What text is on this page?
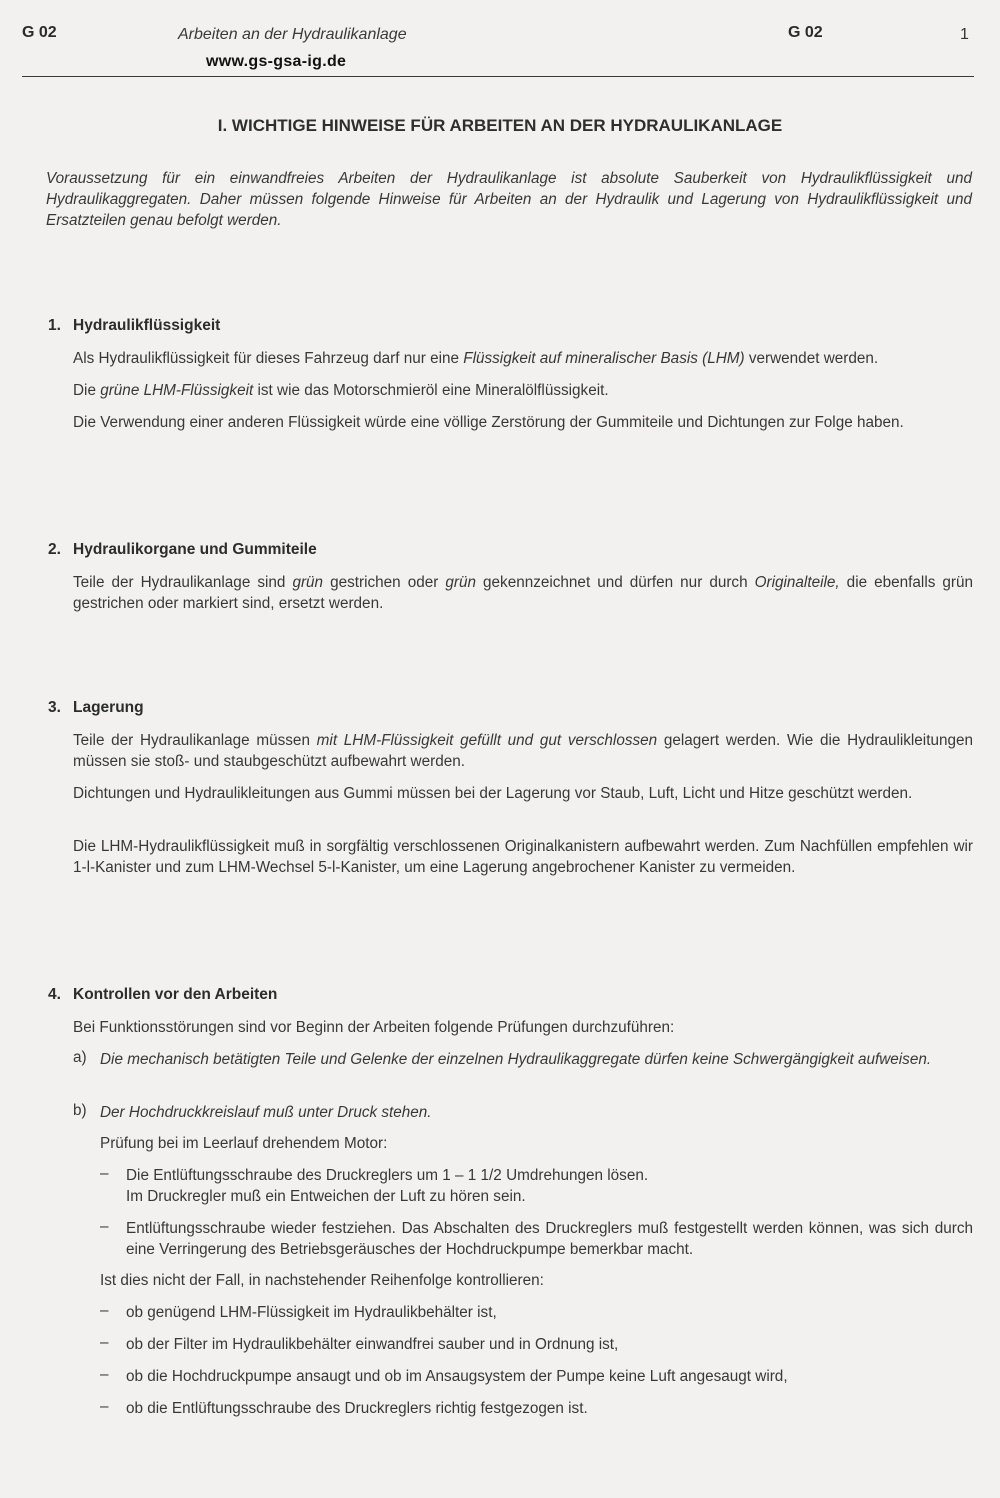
G 02	Arbeiten an der Hydraulikanlage	G 02	1
www.gs-gsa-ig.de
I. WICHTIGE HINWEISE FÜR ARBEITEN AN DER HYDRAULIKANLAGE
Voraussetzung für ein einwandfreies Arbeiten der Hydraulikanlage ist absolute Sauberkeit von Hydraulikflüssigkeit und Hydraulikaggregaten. Daher müssen folgende Hinweise für Arbeiten an der Hydraulik und Lagerung von Hydraulikflüssigkeit und Ersatzteilen genau befolgt werden.
1. Hydraulikflüssigkeit
Als Hydraulikflüssigkeit für dieses Fahrzeug darf nur eine Flüssigkeit auf mineralischer Basis (LHM) verwendet werden.
Die grüne LHM-Flüssigkeit ist wie das Motorschmieröl eine Mineralölflüssigkeit.
Die Verwendung einer anderen Flüssigkeit würde eine völlige Zerstörung der Gummiteile und Dichtungen zur Folge haben.
2. Hydraulikorgane und Gummiteile
Teile der Hydraulikanlage sind grün gestrichen oder grün gekennzeichnet und dürfen nur durch Originalteile, die ebenfalls grün gestrichen oder markiert sind, ersetzt werden.
3. Lagerung
Teile der Hydraulikanlage müssen mit LHM-Flüssigkeit gefüllt und gut verschlossen gelagert werden. Wie die Hydraulikleitungen müssen sie stoß- und staubgeschützt aufbewahrt werden.
Dichtungen und Hydraulikleitungen aus Gummi müssen bei der Lagerung vor Staub, Luft, Licht und Hitze geschützt werden.
Die LHM-Hydraulikflüssigkeit muß in sorgfältig verschlossenen Originalkanistern aufbewahrt werden. Zum Nachfüllen empfehlen wir 1-l-Kanister und zum LHM-Wechsel 5-l-Kanister, um eine Lagerung angebrochener Kanister zu vermeiden.
4. Kontrollen vor den Arbeiten
Bei Funktionsstörungen sind vor Beginn der Arbeiten folgende Prüfungen durchzuführen:
a) Die mechanisch betätigten Teile und Gelenke der einzelnen Hydraulikaggregate dürfen keine Schwergängigkeit aufweisen.
b) Der Hochdruckkreislauf muß unter Druck stehen.
Prüfung bei im Leerlauf drehendem Motor:
– Die Entlüftungsschraube des Druckreglers um 1 – 1 1/2 Umdrehungen lösen.
Im Druckregler muß ein Entweichen der Luft zu hören sein.
– Entlüftungsschraube wieder festziehen. Das Abschalten des Druckreglers muß festgestellt werden können, was sich durch eine Verringerung des Betriebsgeräusches der Hochdruckpumpe bemerkbar macht.
Ist dies nicht der Fall, in nachstehender Reihenfolge kontrollieren:
– ob genügend LHM-Flüssigkeit im Hydraulikbehälter ist,
– ob der Filter im Hydraulikbehälter einwandfrei sauber und in Ordnung ist,
– ob die Hochdruckpumpe ansaugt und ob im Ansaugsystem der Pumpe keine Luft angesaugt wird,
– ob die Entlüftungsschraube des Druckreglers richtig festgezogen ist.
